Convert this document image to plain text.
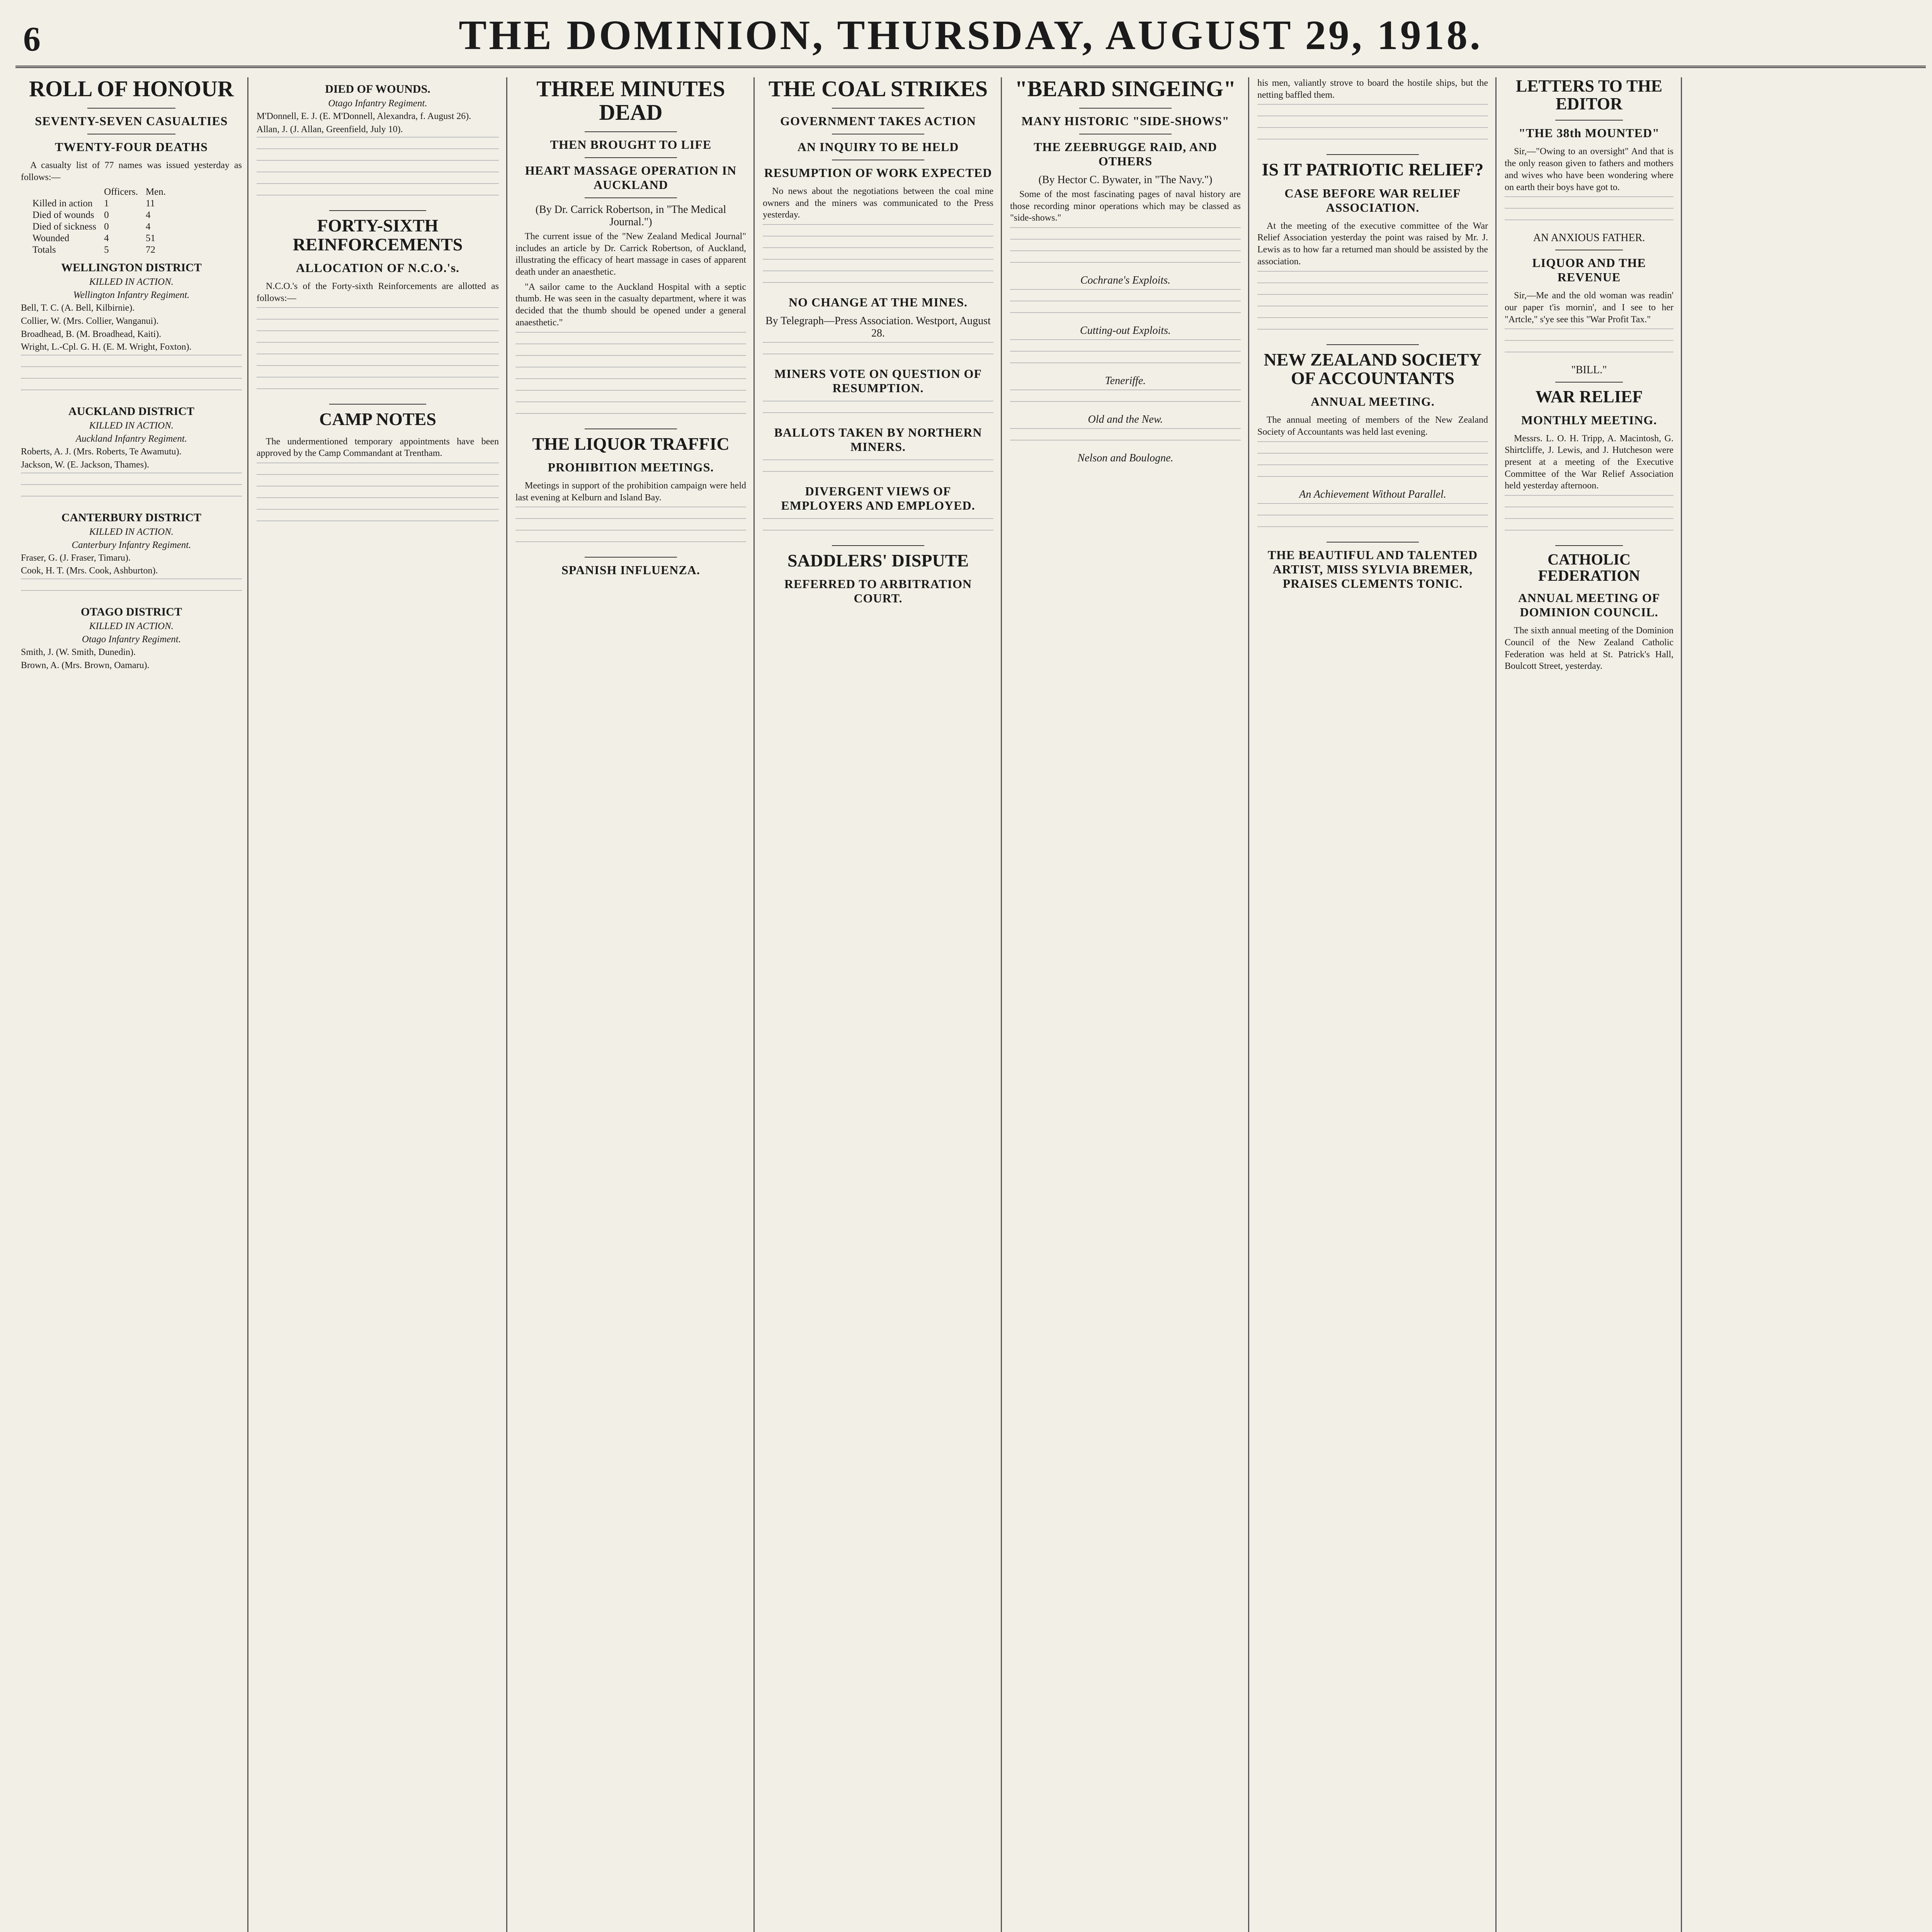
6	THE DOMINION, THURSDAY, AUGUST 29, 1918.
ROLL OF HONOUR
SEVENTY-SEVEN CASUALTIES
TWENTY-FOUR DEATHS

A casualty list of 77 names was issued yesterday as follows:—

	Officers.	Men.
Killed in action	1	11
Died of wounds	0	4
Died of sickness	0	4
Wounded	4	51
Totals	5	72
WELLINGTON DISTRICT
KILLED IN ACTION.
Wellington Infantry Regiment.
Bell, T. C. (A. Bell, Kilbirnie).
Collier, W. (Mrs. Collier, Wanganui).
Broadhead, B. (M. Broadhead, Kaiti).
Wright, L.-Cpl. G. H. (E. M. Wright, Foxton).
AUCKLAND DISTRICT
KILLED IN ACTION.
Auckland Infantry Regiment.
Roberts, A. J. (Mrs. Roberts, Te Awamutu).
Jackson, W. (E. Jackson, Thames).
CANTERBURY DISTRICT
KILLED IN ACTION.
Canterbury Infantry Regiment.
Fraser, G. (J. Fraser, Timaru).
Cook, H. T. (Mrs. Cook, Ashburton).
OTAGO DISTRICT
KILLED IN ACTION.
Otago Infantry Regiment.
Smith, J. (W. Smith, Dunedin).
Brown, A. (Mrs. Brown, Oamaru).
DIED OF WOUNDS.
Otago Infantry Regiment.
M'Donnell, E. J. (E. M'Donnell, Alexandra, f. August 26).
Allan, J. (J. Allan, Greenfield, July 10).
FORTY-SIXTH REINFORCEMENTS
ALLOCATION OF N.C.O.'s.

N.C.O.'s of the Forty-sixth Reinforcements are allotted as follows:—

CAMP NOTES

The undermentioned temporary appointments have been approved by the Camp Commandant at Trentham.

THREE MINUTES DEAD
THEN BROUGHT TO LIFE
HEART MASSAGE OPERATION IN AUCKLAND
(By Dr. Carrick Robertson, in "The Medical Journal.")

The current issue of the "New Zealand Medical Journal" includes an article by Dr. Carrick Robertson, of Auckland, illustrating the efficacy of heart massage in cases of apparent death under an anaesthetic.

"A sailor came to the Auckland Hospital with a septic thumb. He was seen in the casualty department, where it was decided that the thumb should be opened under a general anaesthetic."

THE LIQUOR TRAFFIC
PROHIBITION MEETINGS.

Meetings in support of the prohibition campaign were held last evening at Kelburn and Island Bay.

SPANISH INFLUENZA.
THE COAL STRIKES
GOVERNMENT TAKES ACTION
AN INQUIRY TO BE HELD
RESUMPTION OF WORK EXPECTED

No news about the negotiations between the coal mine owners and the miners was communicated to the Press yesterday.

NO CHANGE AT THE MINES.
By Telegraph—Press Association. Westport, August 28.
MINERS VOTE ON QUESTION OF RESUMPTION.
BALLOTS TAKEN BY NORTHERN MINERS.
DIVERGENT VIEWS OF EMPLOYERS AND EMPLOYED.
SADDLERS' DISPUTE
REFERRED TO ARBITRATION COURT.
"BEARD SINGEING"
MANY HISTORIC "SIDE-SHOWS"
THE ZEEBRUGGE RAID, AND OTHERS
(By Hector C. Bywater, in "The Navy.")

Some of the most fascinating pages of naval history are those recording minor operations which may be classed as "side-shows."

Cochrane's Exploits.
Cutting-out Exploits.
Teneriffe.
Old and the New.
Nelson and Boulogne.

his men, valiantly strove to board the hostile ships, but the netting baffled them.

IS IT PATRIOTIC RELIEF?
CASE BEFORE WAR RELIEF ASSOCIATION.

At the meeting of the executive committee of the War Relief Association yesterday the point was raised by Mr. J. Lewis as to how far a returned man should be assisted by the association.

NEW ZEALAND SOCIETY OF ACCOUNTANTS
ANNUAL MEETING.

The annual meeting of members of the New Zealand Society of Accountants was held last evening.

An Achievement Without Parallel.
THE BEAUTIFUL AND TALENTED ARTIST, MISS SYLVIA BREMER, PRAISES CLEMENTS TONIC.
LETTERS TO THE EDITOR
"THE 38th MOUNTED"

Sir,—"Owing to an oversight" And that is the only reason given to fathers and mothers and wives who have been wondering where on earth their boys have got to.

AN ANXIOUS FATHER.
LIQUOR AND THE REVENUE

Sir,—Me and the old woman was readin' our paper t'is mornin', and I see to her "Artcle," s'ye see this "War Profit Tax."

"BILL."
WAR RELIEF
MONTHLY MEETING.

Messrs. L. O. H. Tripp, A. Macintosh, G. Shirtcliffe, J. Lewis, and J. Hutcheson were present at a meeting of the Executive Committee of the War Relief Association held yesterday afternoon.

CATHOLIC FEDERATION
ANNUAL MEETING OF DOMINION COUNCIL.

The sixth annual meeting of the Dominion Council of the New Zealand Catholic Federation was held at St. Patrick's Hall, Boulcott Street, yesterday.
